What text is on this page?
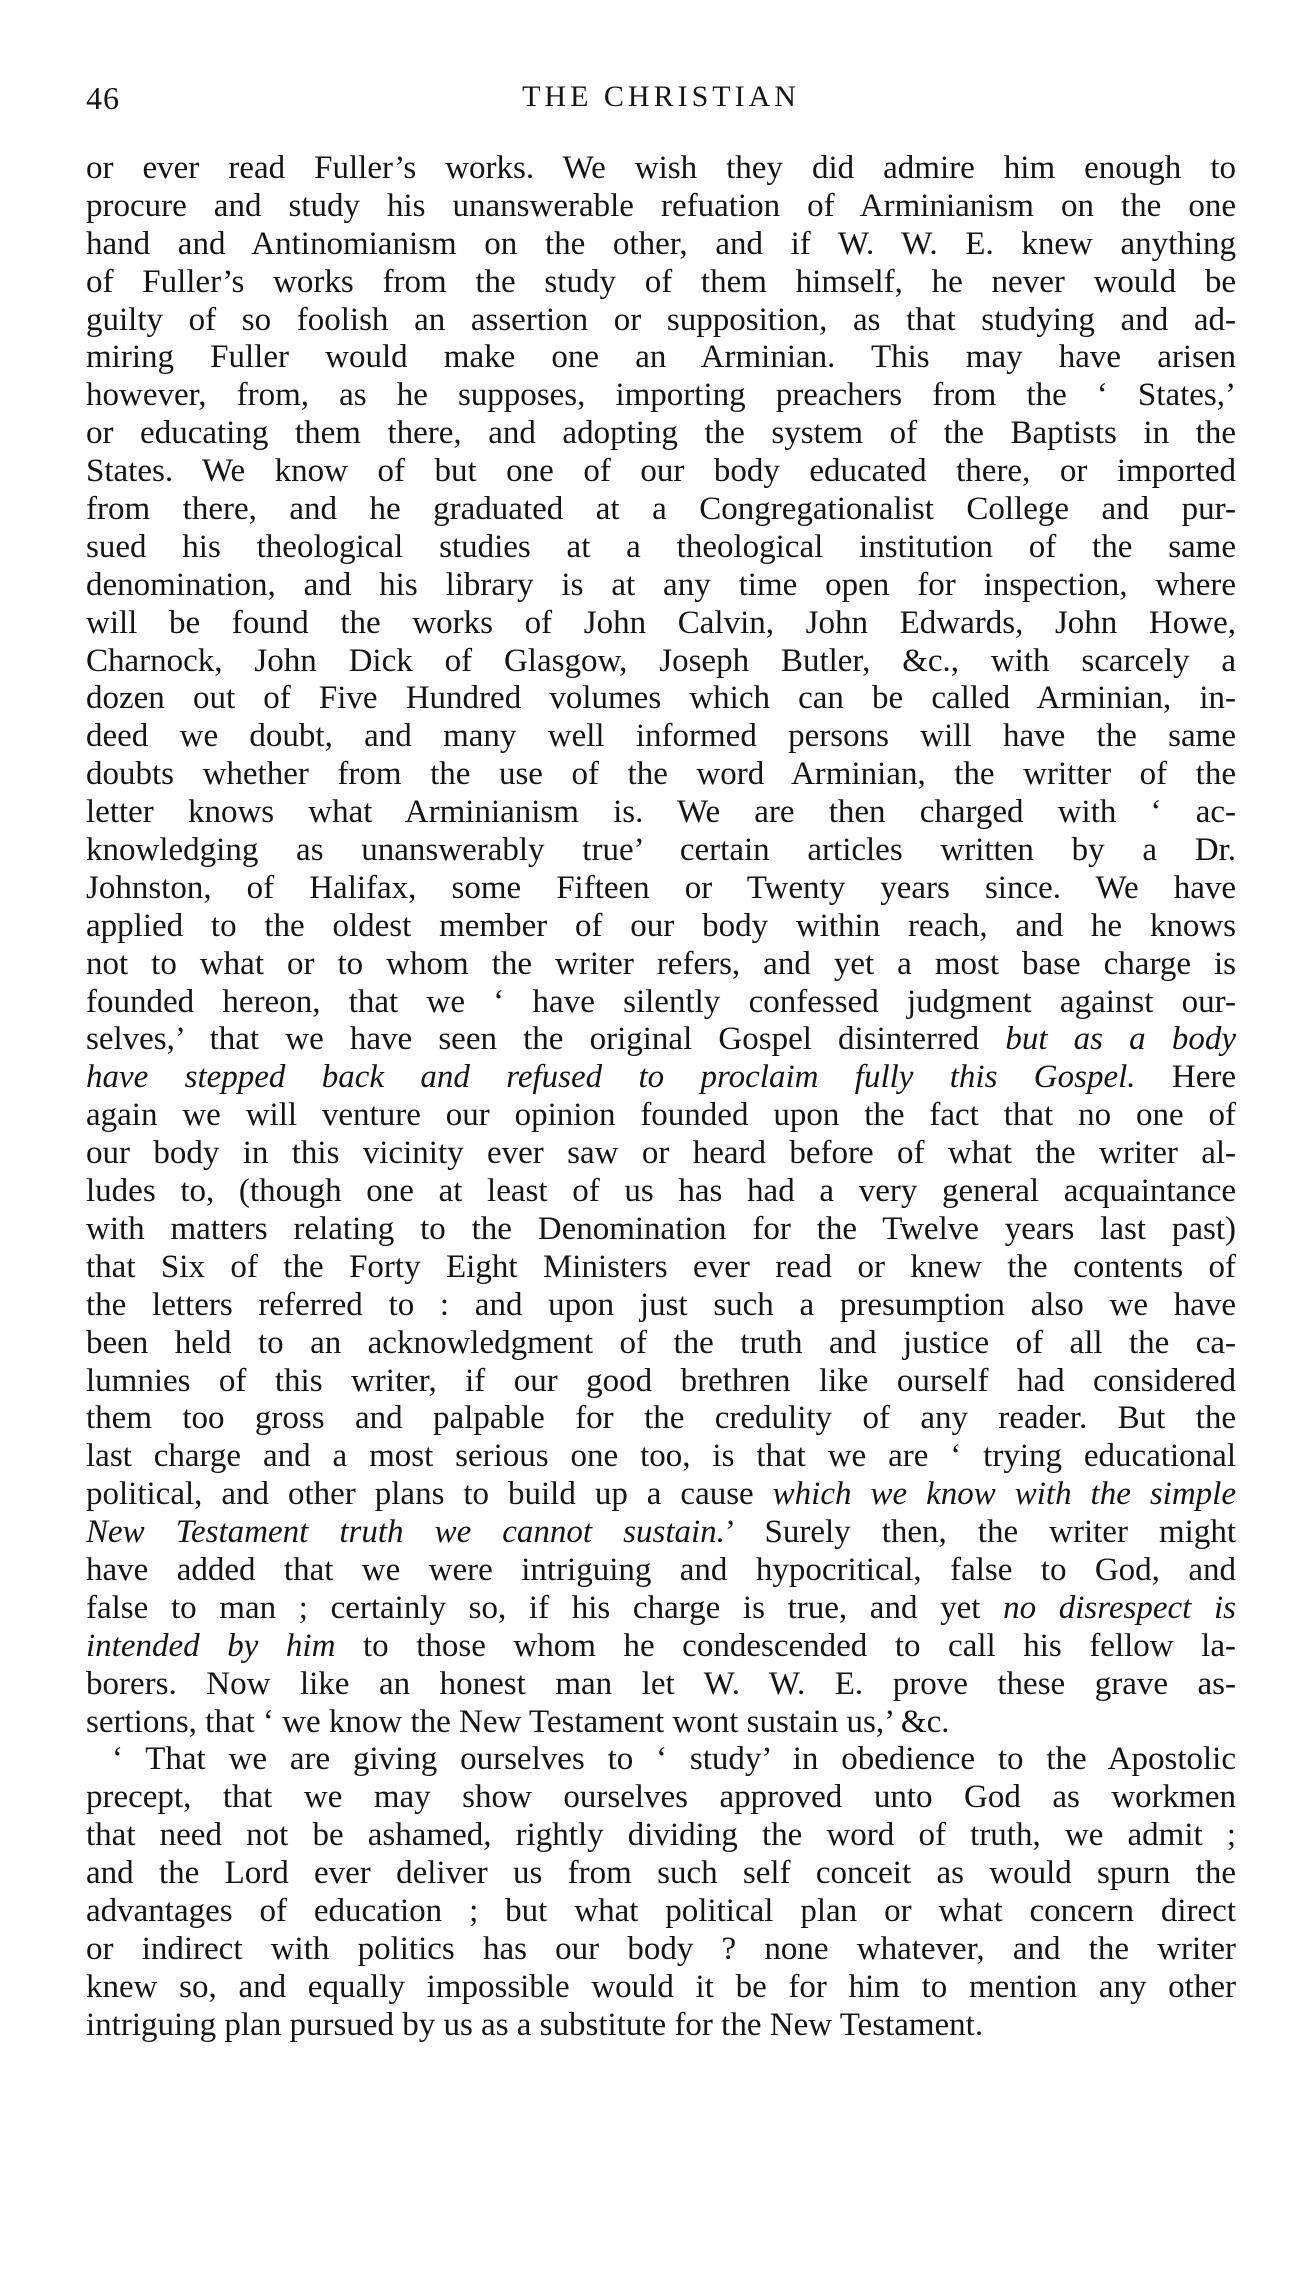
46	THE CHRISTIAN
or ever read Fuller’s works. We wish they did admire him enough to
procure and study his unanswerable refuation of Arminianism on the one
hand and Antinomianism on the other, and if W. W. E. knew anything
of Fuller’s works from the study of them himself, he never would be
guilty of so foolish an assertion or supposition, as that studying and ad-
miring Fuller would make one an Arminian. This may have arisen
however, from, as he supposes, importing preachers from the ‘ States,’
or educating them there, and adopting the system of the Baptists in the
States. We know of but one of our body educated there, or imported
from there, and he graduated at a Congregationalist College and pur-
sued his theological studies at a theological institution of the same
denomination, and his library is at any time open for inspection, where
will be found the works of John Calvin, John Edwards, John Howe,
Charnock, John Dick of Glasgow, Joseph Butler, &c., with scarcely a
dozen out of Five Hundred volumes which can be called Arminian, in-
deed we doubt, and many well informed persons will have the same
doubts whether from the use of the word Arminian, the writter of the
letter knows what Arminianism is. We are then charged with ‘ ac-
knowledging as unanswerably true’ certain articles written by a Dr.
Johnston, of Halifax, some Fifteen or Twenty years since. We have
applied to the oldest member of our body within reach, and he knows
not to what or to whom the writer refers, and yet a most base charge is
founded hereon, that we ‘ have silently confessed judgment against our-
selves,’ that we have seen the original Gospel disinterred but as a body
have stepped back and refused to proclaim fully this Gospel. Here
again we will venture our opinion founded upon the fact that no one of
our body in this vicinity ever saw or heard before of what the writer al-
ludes to, (though one at least of us has had a very general acquaintance
with matters relating to the Denomination for the Twelve years last past)
that Six of the Forty Eight Ministers ever read or knew the contents of
the letters referred to : and upon just such a presumption also we have
been held to an acknowledgment of the truth and justice of all the ca-
lumnies of this writer, if our good brethren like ourself had considered
them too gross and palpable for the credulity of any reader. But the
last charge and a most serious one too, is that we are ‘ trying educational
political, and other plans to build up a cause which we know with the simple
New Testament truth we cannot sustain.’ Surely then, the writer might
have added that we were intriguing and hypocritical, false to God, and
false to man ; certainly so, if his charge is true, and yet no disrespect is
intended by him to those whom he condescended to call his fellow la-
borers. Now like an honest man let W. W. E. prove these grave as-
sertions, that ‘ we know the New Testament wont sustain us,’ &c.
‘ That we are giving ourselves to ‘ study’ in obedience to the Apostolic
precept, that we may show ourselves approved unto God as workmen
that need not be ashamed, rightly dividing the word of truth, we admit ;
and the Lord ever deliver us from such self conceit as would spurn the
advantages of education ; but what political plan or what concern direct
or indirect with politics has our body ? none whatever, and the writer
knew so, and equally impossible would it be for him to mention any other
intriguing plan pursued by us as a substitute for the New Testament.
